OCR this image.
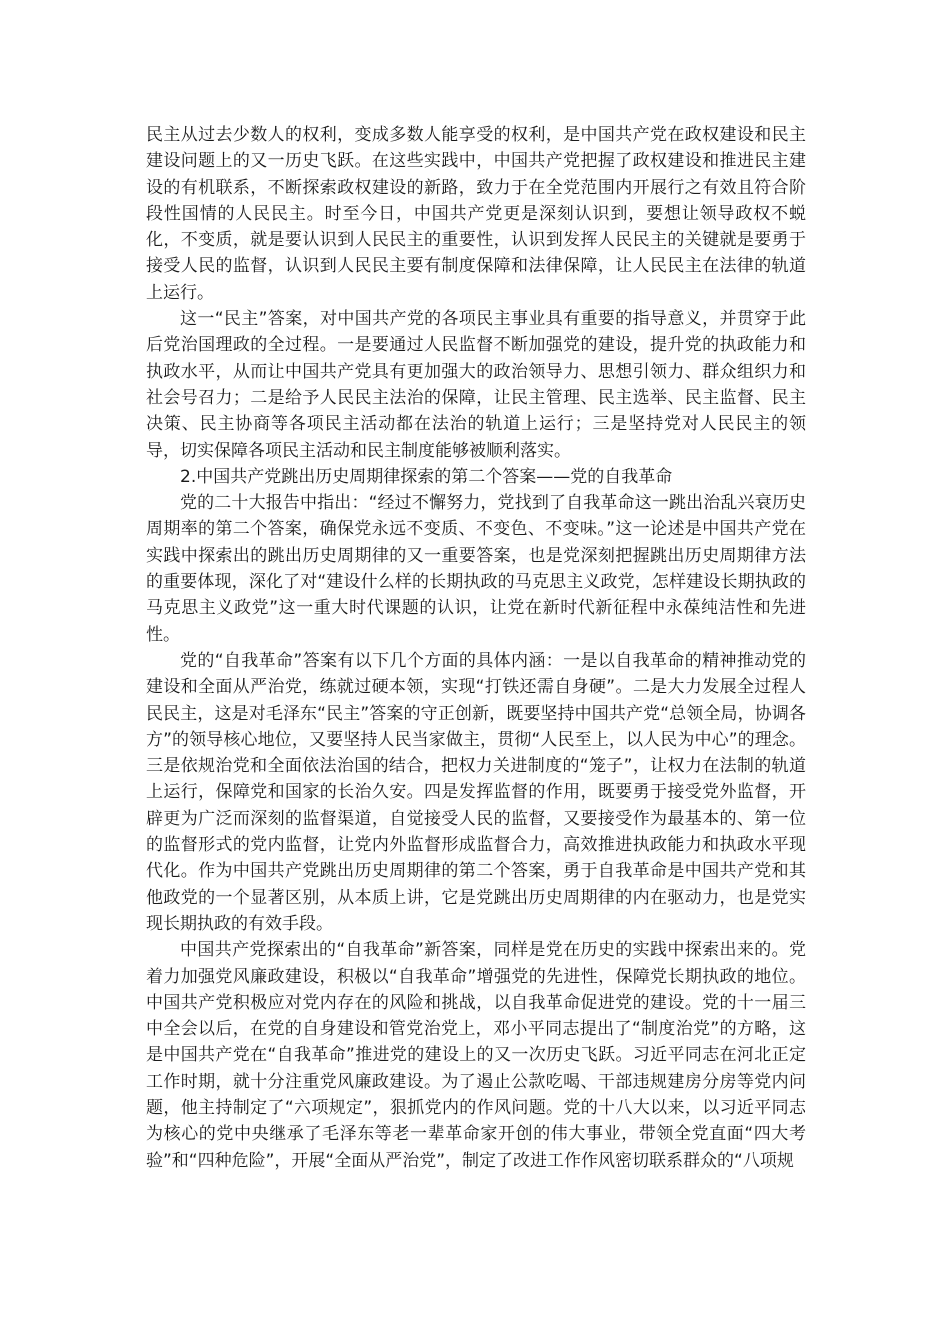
民主从过去少数人的权利，变成多数人能享受的权利，是中国共产党在政权建设和民主建设问题上的又一历史飞跃。在这些实践中，中国共产党把握了政权建设和推进民主建设的有机联系，不断探索政权建设的新路，致力于在全党范围内开展行之有效且符合阶段性国情的人民民主。时至今日，中国共产党更是深刻认识到，要想让领导政权不蜕化，不变质，就是要认识到人民民主的重要性，认识到发挥人民民主的关键就是要勇于接受人民的监督，认识到人民民主要有制度保障和法律保障，让人民民主在法律的轨道上运行。

这一“民主”答案，对中国共产党的各项民主事业具有重要的指导意义，并贯穿于此后党治国理政的全过程。一是要通过人民监督不断加强党的建设，提升党的执政能力和执政水平，从而让中国共产党具有更加强大的政治领导力、思想引领力、群众组织力和社会号召力；二是给予人民民主法治的保障，让民主管理、民主选举、民主监督、民主决策、民主协商等各项民主活动都在法治的轨道上运行；三是坚持党对人民民主的领导，切实保障各项民主活动和民主制度能够被顺利落实。

2.中国共产党跳出历史周期律探索的第二个答案——党的自我革命

党的二十大报告中指出：“经过不懈努力，党找到了自我革命这一跳出治乱兴衰历史周期率的第二个答案，确保党永远不变质、不变色、不变味。”这一论述是中国共产党在实践中探索出的跳出历史周期律的又一重要答案，也是党深刻把握跳出历史周期律方法的重要体现，深化了对“建设什么样的长期执政的马克思主义政党，怎样建设长期执政的马克思主义政党”这一重大时代课题的认识，让党在新时代新征程中永葆纯洁性和先进性。

党的“自我革命”答案有以下几个方面的具体内涵：一是以自我革命的精神推动党的建设和全面从严治党，练就过硬本领，实现“打铁还需自身硬”。二是大力发展全过程人民民主，这是对毛泽东“民主”答案的守正创新，既要坚持中国共产党“总领全局，协调各方”的领导核心地位，又要坚持人民当家做主，贯彻“人民至上，以人民为中心”的理念。三是依规治党和全面依法治国的结合，把权力关进制度的“笼子”，让权力在法制的轨道上运行，保障党和国家的长治久安。四是发挥监督的作用，既要勇于接受党外监督，开辟更为广泛而深刻的监督渠道，自觉接受人民的监督，又要接受作为最基本的、第一位的监督形式的党内监督，让党内外监督形成监督合力，高效推进执政能力和执政水平现代化。作为中国共产党跳出历史周期律的第二个答案，勇于自我革命是中国共产党和其他政党的一个显著区别，从本质上讲，它是党跳出历史周期律的内在驱动力，也是党实现长期执政的有效手段。

中国共产党探索出的“自我革命”新答案，同样是党在历史的实践中探索出来的。党着力加强党风廉政建设，积极以“自我革命”增强党的先进性，保障党长期执政的地位。中国共产党积极应对党内存在的风险和挑战，以自我革命促进党的建设。党的十一届三中全会以后，在党的自身建设和管党治党上，邓小平同志提出了“制度治党”的方略，这是中国共产党在“自我革命”推进党的建设上的又一次历史飞跃。习近平同志在河北正定工作时期，就十分注重党风廉政建设。为了遏止公款吃喝、干部违规建房分房等党内问题，他主持制定了“六项规定”，狠抓党内的作风问题。党的十八大以来，以习近平同志为核心的党中央继承了毛泽东等老一辈革命家开创的伟大事业，带领全党直面“四大考验”和“四种危险”，开展“全面从严治党”，制定了改进工作作风密切联系群众的“八项规
